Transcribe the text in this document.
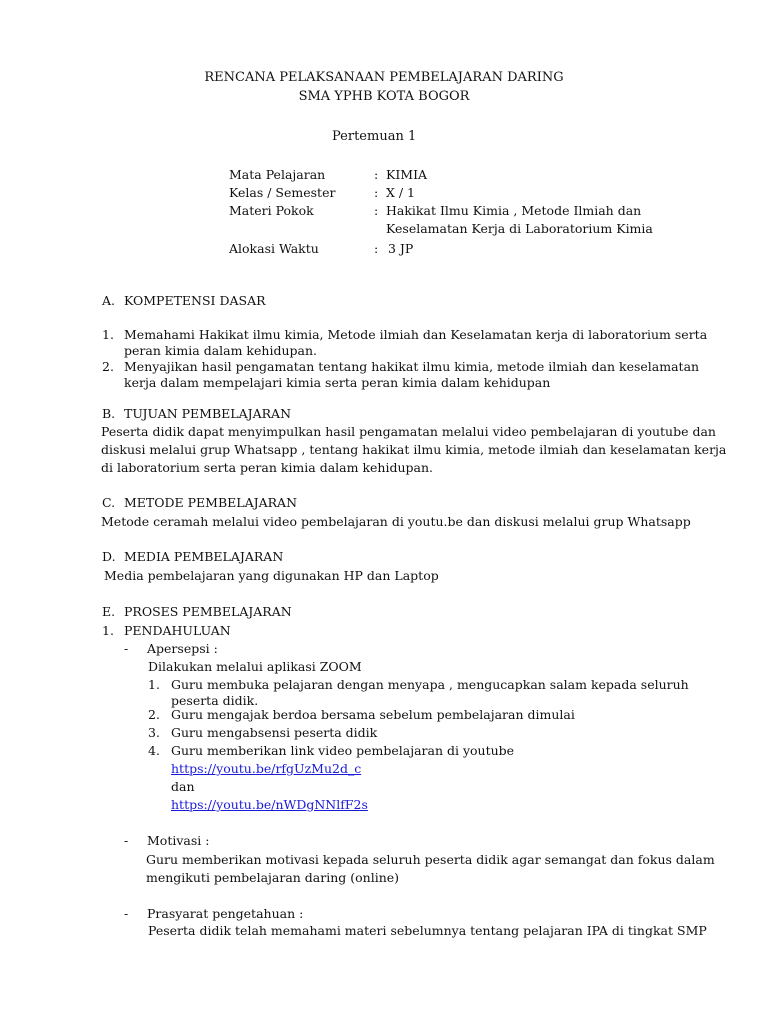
RENCANA PELAKSANAAN PEMBELAJARAN DARING
SMA YPHB KOTA BOGOR
Pertemuan 1
Mata Pelajaran	: KIMIA
Kelas / Semester	: X / 1
Materi Pokok	: Hakikat Ilmu Kimia , Metode Ilmiah dan
Keselamatan Kerja di Laboratorium Kimia
Alokasi Waktu	: 3 JP
A. KOMPETENSI DASAR
1. Memahami Hakikat ilmu kimia, Metode ilmiah dan Keselamatan kerja di laboratorium serta
peran kimia dalam kehidupan.
2. Menyajikan hasil pengamatan tentang hakikat ilmu kimia, metode ilmiah dan keselamatan
kerja dalam mempelajari kimia serta peran kimia dalam kehidupan
B. TUJUAN PEMBELAJARAN
Peserta didik dapat menyimpulkan hasil pengamatan melalui video pembelajaran di youtube dan
diskusi melalui grup Whatsapp , tentang hakikat ilmu kimia, metode ilmiah dan keselamatan kerja
di laboratorium serta peran kimia dalam kehidupan.
C. METODE PEMBELAJARAN
Metode ceramah melalui video pembelajaran di youtu.be dan diskusi melalui grup Whatsapp
D. MEDIA PEMBELAJARAN
Media pembelajaran yang digunakan HP dan Laptop
E. PROSES PEMBELAJARAN
1. PENDAHULUAN
- Apersepsi :
Dilakukan melalui aplikasi ZOOM
1. Guru membuka pelajaran dengan menyapa , mengucapkan salam kepada seluruh
peserta didik.
2. Guru mengajak berdoa bersama sebelum pembelajaran dimulai
3. Guru mengabsensi peserta didik
4. Guru memberikan link video pembelajaran di youtube
https://youtu.be/rfgUzMu2d_c
dan
https://youtu.be/nWDgNNlfF2s
- Motivasi :
Guru memberikan motivasi kepada seluruh peserta didik agar semangat dan fokus dalam
mengikuti pembelajaran daring (online)
- Prasyarat pengetahuan :
Peserta didik telah memahami materi sebelumnya tentang pelajaran IPA di tingkat SMP
